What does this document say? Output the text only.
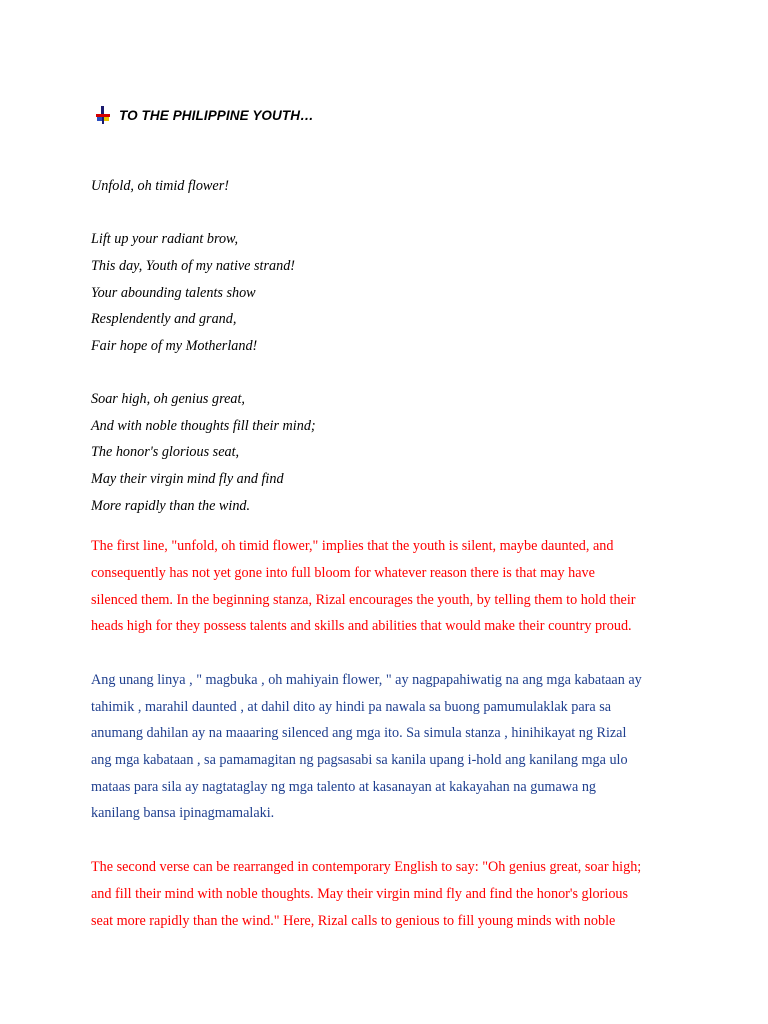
TO THE PHILIPPINE YOUTH…
Unfold, oh timid flower!
Lift up your radiant brow,
This day, Youth of my native strand!
Your abounding talents show
Resplendently and grand,
Fair hope of my Motherland!
Soar high, oh genius great,
And with noble thoughts fill their mind;
The honor's glorious seat,
May their virgin mind fly and find
More rapidly than the wind.
The first line, "unfold, oh timid flower," implies that the youth is silent, maybe daunted, and
consequently has not yet gone into full bloom for whatever reason there is that may have
silenced them. In the beginning stanza, Rizal encourages the youth, by telling them to hold their
heads high for they possess talents and skills and abilities that would make their country proud.
Ang unang linya , " magbuka , oh mahiyain flower, " ay nagpapahiwatig na ang mga kabataan ay
tahimik , marahil daunted , at dahil dito ay hindi pa nawala sa buong pamumulaklak para sa
anumang dahilan ay na maaaring silenced ang mga ito. Sa simula stanza , hinihikayat ng Rizal
ang mga kabataan , sa pamamagitan ng pagsasabi sa kanila upang i-hold ang kanilang mga ulo
mataas para sila ay nagtataglay ng mga talento at kasanayan at kakayahan na gumawa ng
kanilang bansa ipinagmamalaki.
The second verse can be rearranged in contemporary English to say: "Oh genius great, soar high;
and fill their mind with noble thoughts. May their virgin mind fly and find the honor's glorious
seat more rapidly than the wind." Here, Rizal calls to genious to fill young minds with noble
